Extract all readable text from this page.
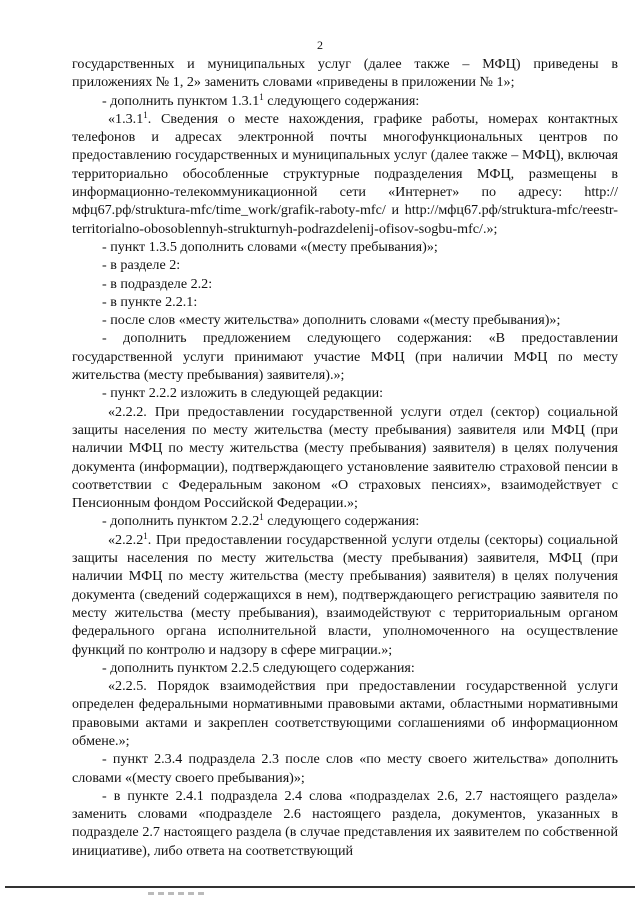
2

государственных и муниципальных услуг (далее также – МФЦ) приведены в приложениях № 1, 2» заменить словами «приведены в приложении № 1»;

- дополнить пунктом 1.3.1$^1$ следующего содержания:

«1.3.1$^1$. Сведения о месте нахождения, графике работы, номерах контактных телефонов и адресах электронной почты многофункциональных центров по предоставлению государственных и муниципальных услуг (далее также – МФЦ), включая территориально обособленные структурные подразделения МФЦ, размещены в информационно-телекоммуникационной сети «Интернет» по адресу: http://мфц67.рф/struktura-mfc/time_work/grafik-raboty-mfc/ и http://мфц67.рф/struktura-mfc/reestr-territorialno-obosoblennyh-strukturnyh-podrazdelenij-ofisov-sogbu-mfc/.»;

- пункт 1.3.5 дополнить словами «(месту пребывания)»;

- в разделе 2:

- в подразделе 2.2:

- в пункте 2.2.1:

- после слов «месту жительства» дополнить словами «(месту пребывания)»;

- дополнить предложением следующего содержания: «В предоставлении государственной услуги принимают участие МФЦ (при наличии МФЦ по месту жительства (месту пребывания) заявителя).»;

- пункт 2.2.2 изложить в следующей редакции:

«2.2.2. При предоставлении государственной услуги отдел (сектор) социальной защиты населения по месту жительства (месту пребывания) заявителя или МФЦ (при наличии МФЦ по месту жительства (месту пребывания) заявителя) в целях получения документа (информации), подтверждающего установление заявителю страховой пенсии в соответствии с Федеральным законом «О страховых пенсиях», взаимодействует с Пенсионным фондом Российской Федерации.»;

- дополнить пунктом 2.2.2$^1$ следующего содержания:

«2.2.2$^1$. При предоставлении государственной услуги отделы (секторы) социальной защиты населения по месту жительства (месту пребывания) заявителя, МФЦ (при наличии МФЦ по месту жительства (месту пребывания) заявителя) в целях получения документа (сведений содержащихся в нем), подтверждающего регистрацию заявителя по месту жительства (месту пребывания), взаимодействуют с территориальным органом федерального органа исполнительной власти, уполномоченного на осуществление функций по контролю и надзору в сфере миграции.»;

- дополнить пунктом 2.2.5 следующего содержания:

«2.2.5. Порядок взаимодействия при предоставлении государственной услуги определен федеральными нормативными правовыми актами, областными нормативными правовыми актами и закреплен соответствующими соглашениями об информационном обмене.»;

- пункт 2.3.4 подраздела 2.3 после слов «по месту своего жительства» дополнить словами «(месту своего пребывания)»;

- в пункте 2.4.1 подраздела 2.4 слова «подразделах 2.6, 2.7 настоящего раздела» заменить словами «подразделе 2.6 настоящего раздела, документов, указанных в подразделе 2.7 настоящего раздела (в случае представления их заявителем по собственной инициативе), либо ответа на соответствующий
